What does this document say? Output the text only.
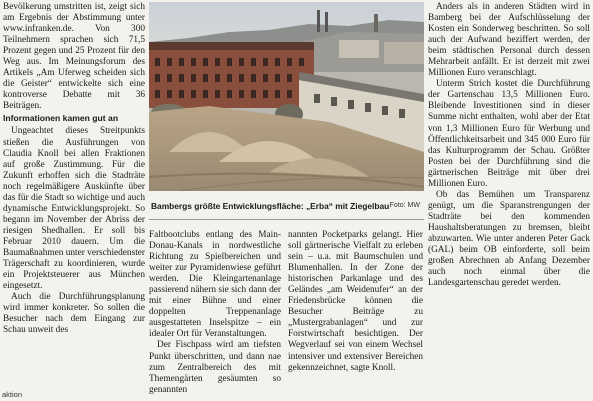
Bevölkerung umstritten ist, zeigt sich am Ergebnis der Abstimmung unter www.infranken.de. Von 300 Teilnehmern sprachen sich 71,5 Prozent gegen und 25 Prozent für den Weg aus. Im Meinungsforum des Artikels „Am Uferweg scheiden sich die Geister“ entwickelte sich eine kontroverse Debatte mit 36 Beiträgen.

Informationen kamen gut an

Ungeachtet dieses Streitpunkts stießen die Ausführungen von Claudia Knoll bei allen Fraktionen auf große Zustimmung. Für die Zukunft erhoffen sich die Stadträte noch regelmäßigere Auskünfte über das für die Stadt so wichtige und auch dynamische Entwicklungsprojekt. So begann im November der Abriss der riesigen Shedhallen. Er soll bis Februar 2010 dauern. Um die Baumaßnahmen unter verschiedenster Trägerschaft zu koordinieren, wurde ein Projektsteuerer aus München eingesetzt.

Auch die Durchführungsplanung wird immer konkreter. So sollen die Besucher nach dem Eingang zur Schau unweit des

Bambergs größte Entwicklungsfläche: „Erba“ mit Ziegelbau Foto: MW

Faltbootclubs entlang des Main-Donau-Kanals in nordwestliche Richtung zu Spielbereichen und weiter zur Pyramidenwiese geführt werden. Die Kleingartenanlage passierend nähern sie sich dann der mit einer Bühne und einer doppelten Treppenanlage ausgestatteten Inselspitze – ein idealer Ort für Veranstaltungen.

Der Fischpass wird am tiefsten Punkt überschritten, und dann nae zum Zentralbereich des mit Themengärten gesäumten so genannten

nannten Pocketparks gelangt. Hier soll gärtnerische Vielfalt zu erleben sein – u.a. mit Baumschulen und Blumenhallen. In der Zone der historischen Parkanlage und des Geländes „am Weidenufer“ an der Friedensbrücke können die Besucher Beiträge zu „Mustergrabanlagen“ und zur Forstwirtschaft besichtigen. Der Wegverlauf sei von einem Wechsel intensiver und extensiver Bereichen gekennzeichnet, sagte Knoll.

Anders als in anderen Städten wird in Bamberg bei der Aufschlüsselung der Kosten ein Sonderweg beschritten. So soll auch der Aufwand beziffert werden, der beim städtischen Personal durch dessen Mehrarbeit anfällt. Er ist derzeit mit zwei Millionen Euro veranschlagt.

Unterm Strich kostet die Durchführung der Gartenschau 13,5 Millionen Euro. Bleibende Investitionen sind in dieser Summe nicht enthalten, wohl aber der Etat von 1,3 Millionen Euro für Werbung und Öffentlichkeitsarbeit und 345 000 Euro für das Kulturprogramm der Schau. Größter Posten bei der Durchführung sind die gärtnerischen Beiträge mit über drei Millionen Euro.

Ob das Bemühen um Transparenz genügt, um die Sparanstrengungen der Stadträte bei den kommenden Haushaltsberatungen zu bremsen, bleibt abzuwarten. Wie unter anderen Peter Gack (GAL) beim OB einforderte, soll beim großen Abrechnen ab Anfang Dezember auch noch einmal über die Landesgartenschau geredet werden.

aktion
